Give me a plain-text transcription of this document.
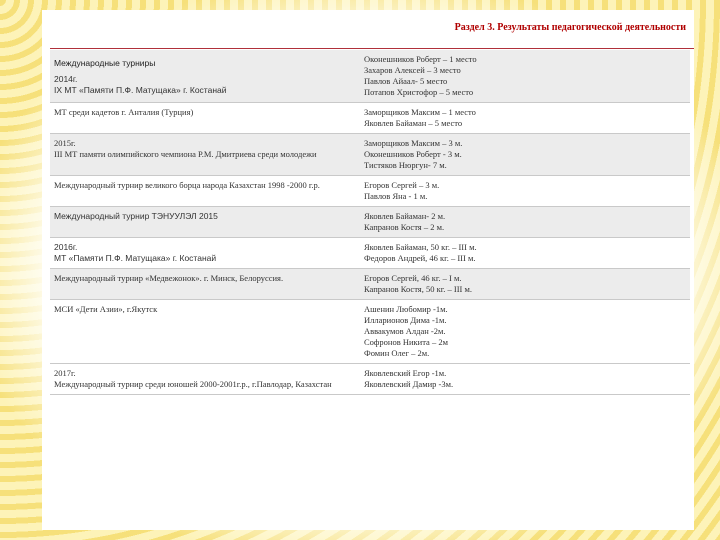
Раздел 3. Результаты педагогической деятельности
Международные турниры
2014г.
IX МТ «Памяти П.Ф. Матущака» г. Костанай	Оконешников Роберт – 1 место
Захаров Алексей – 3 место
Павлов Айаал- 5 место
Потапов Христофор – 5 место

МТ среди кадетов г. Анталия (Турция)	Заморщиков Максим – 1 место
Яковлев Байаман – 5 место

2015г.
III МТ памяти олимпийского чемпиона Р.М. Дмитриева среди молодежи	Заморщиков Максим – 3 м.
Оконешников Роберт - 3 м.
Тистяков Нюргун- 7 м.

Международный турнир великого борца народа Казахстан 1998 -2000 г.р.	Егоров Сергей – 3 м.
Павлов Яна - 1 м.

Международный турнир ТЭНУУЛЭЛ 2015	Яковлев Байаман- 2 м.
Капранов Костя – 2 м.

2016г.
МТ «Памяти П.Ф. Матущака» г. Костанай	Яковлев Байаман, 50 кг. – III м.
Федоров Андрей, 46 кг. – III м.

Международный турнир «Медвежонок». г. Минск, Белоруссия.	Егоров Сергей, 46 кг. – I м.
Капранов Костя, 50 кг. – III м.

МСИ «Дети Азии», г.Якутск	Ашенин Любомир -1м.
Илларионов Дима -1м.
Аввакумов Алдан -2м.
Софронов Никита – 2м
Фомин Олег – 2м.

2017г.
Международный турнир среди юношей 2000-2001г.р., г.Павлодар, Казахстан	Яковлевский Егор -1м.
Яковлевский Дамир -3м.
